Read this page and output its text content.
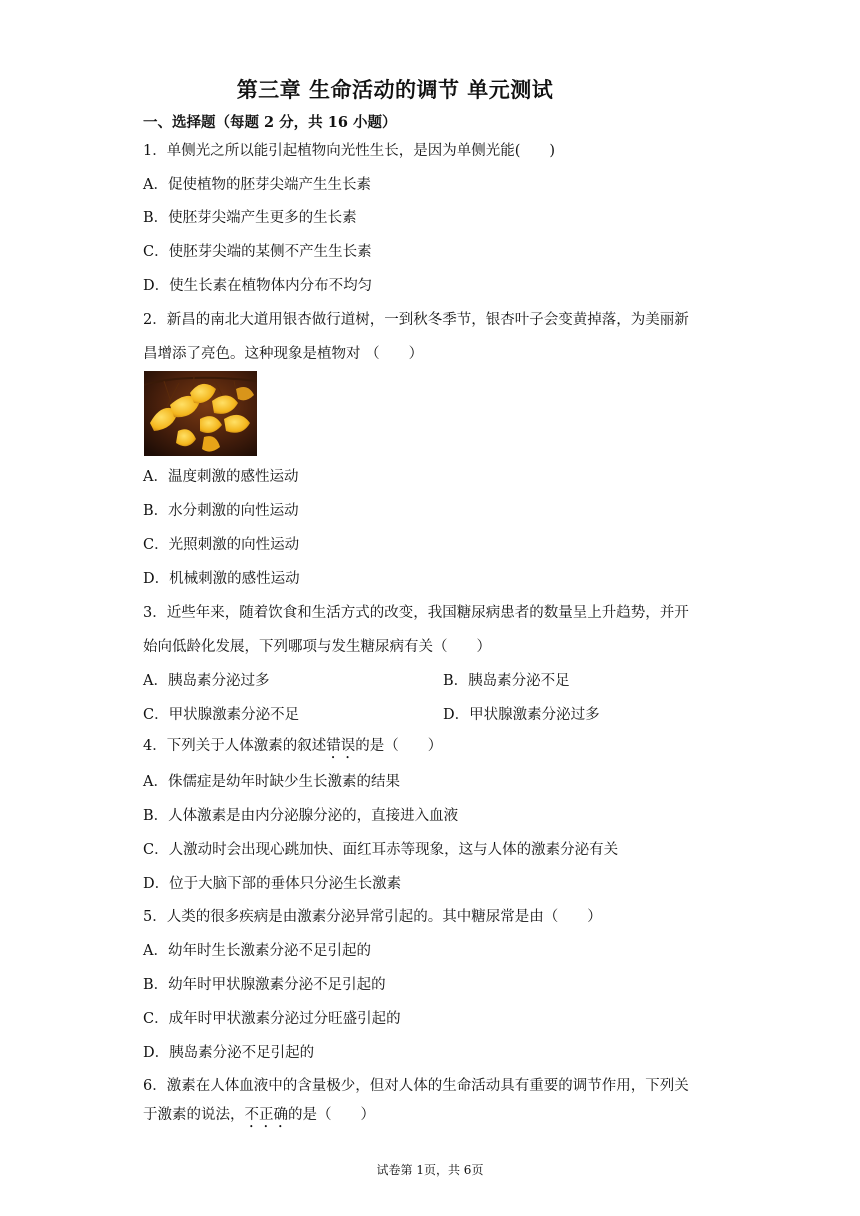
第三章 生命活动的调节 单元测试
一、选择题（每题 2 分，共 16 小题）
1．单侧光之所以能引起植物向光性生长，是因为单侧光能(　　)
A．促使植物的胚芽尖端产生生长素
B．使胚芽尖端产生更多的生长素
C．使胚芽尖端的某侧不产生生长素
D．使生长素在植物体内分布不均匀
2．新昌的南北大道用银杏做行道树，一到秋冬季节，银杏叶子会变黄掉落，为美丽新
昌增添了亮色。这种现象是植物对 （　　）
A．温度刺激的感性运动
B．水分刺激的向性运动
C．光照刺激的向性运动
D．机械刺激的感性运动
3．近些年来，随着饮食和生活方式的改变，我国糖尿病患者的数量呈上升趋势，并开
始向低龄化发展，下列哪项与发生糖尿病有关（　　）
A．胰岛素分泌过多	B．胰岛素分泌不足
C．甲状腺激素分泌不足	D．甲状腺激素分泌过多
4．下列关于人体激素的叙述错误的是（　　）
A．侏儒症是幼年时缺少生长激素的结果
B．人体激素是由内分泌腺分泌的，直接进入血液
C．人激动时会出现心跳加快、面红耳赤等现象，这与人体的激素分泌有关
D．位于大脑下部的垂体只分泌生长激素
5．人类的很多疾病是由激素分泌异常引起的。其中糖尿常是由（　　）
A．幼年时生长激素分泌不足引起的
B．幼年时甲状腺激素分泌不足引起的
C．成年时甲状激素分泌过分旺盛引起的
D．胰岛素分泌不足引起的
6．激素在人体血液中的含量极少，但对人体的生命活动具有重要的调节作用，下列关
于激素的说法，不正确的是（　　）
试卷第 1页，共 6页
